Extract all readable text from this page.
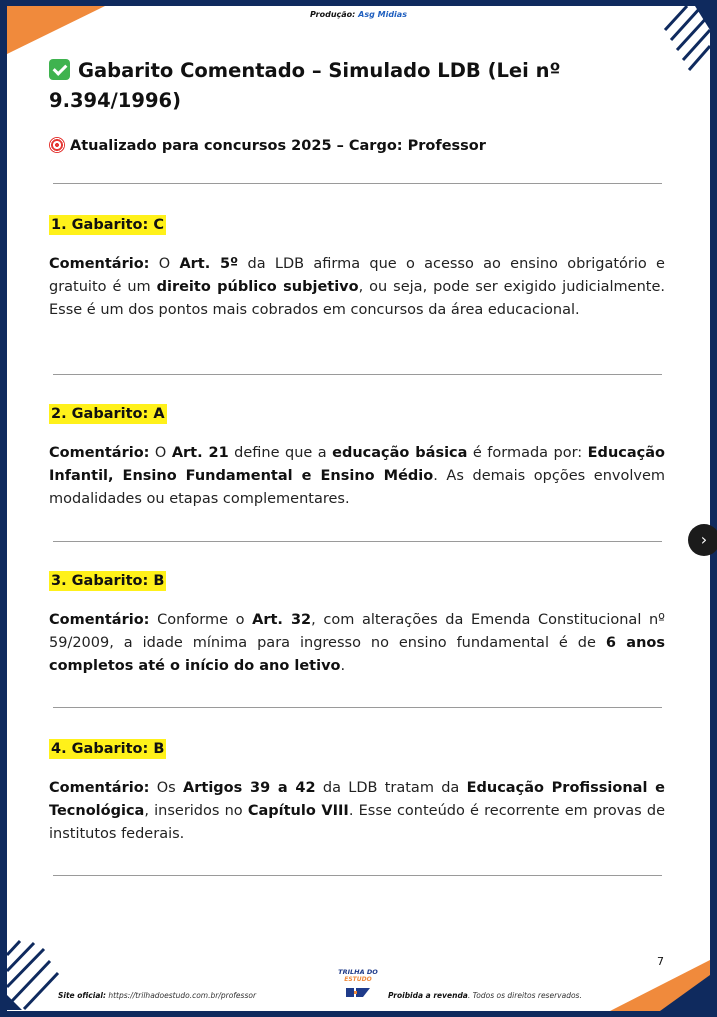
Produção: Asg Midias
Gabarito Comentado – Simulado LDB (Lei nº 9.394/1996)
Atualizado para concursos 2025 – Cargo: Professor
1. Gabarito: C
Comentário: O Art. 5º da LDB afirma que o acesso ao ensino obrigatório e gratuito é um direito público subjetivo, ou seja, pode ser exigido judicialmente. Esse é um dos pontos mais cobrados em concursos da área educacional.
2. Gabarito: A
Comentário: O Art. 21 define que a educação básica é formada por: Educação Infantil, Ensino Fundamental e Ensino Médio. As demais opções envolvem modalidades ou etapas complementares.
3. Gabarito: B
Comentário: Conforme o Art. 32, com alterações da Emenda Constitucional nº 59/2009, a idade mínima para ingresso no ensino fundamental é de 6 anos completos até o início do ano letivo.
4. Gabarito: B
Comentário: Os Artigos 39 a 42 da LDB tratam da Educação Profissional e Tecnológica, inseridos no Capítulo VIII. Esse conteúdo é recorrente em provas de institutos federais.
7
Site oficial: https://trilhadoestudo.com.br/professor
TRILHA DO
ESTUDO
Proibida a revenda. Todos os direitos reservados.
›
